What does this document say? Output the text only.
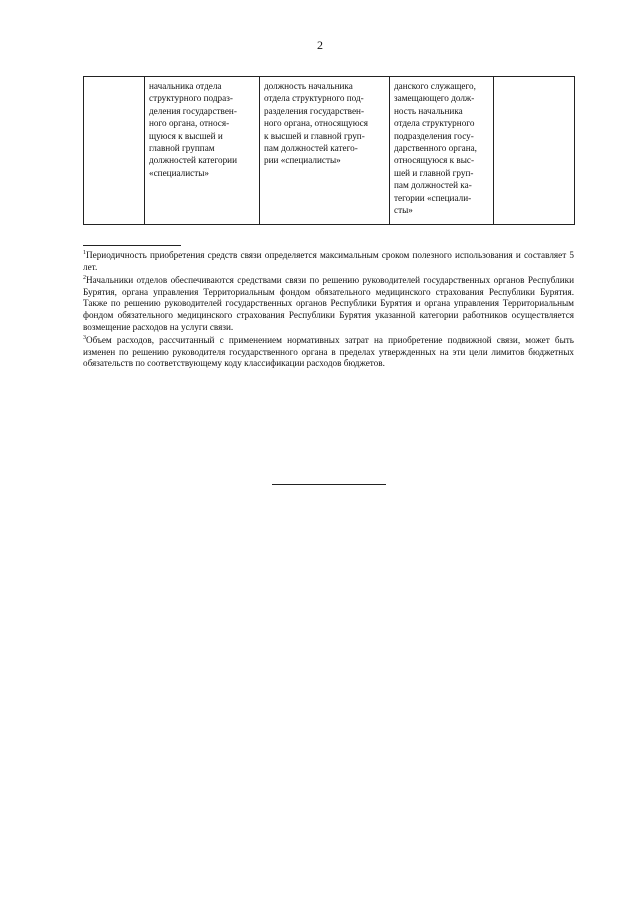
2
	начальника отдела
структурного подраз-
деления государствен-
ного органа, относя-
щуюся к высшей и
главной группам
должностей категории
«специалисты»	должность начальника
отдела структурного под-
разделения государствен-
ного органа, относящуюся
к высшей и главной груп-
пам должностей катего-
рии «специалисты»	данского служащего,
замещающего долж-
ность начальника
отдела структурного
подразделения госу-
дарственного органа,
относящуюся к выс-
шей и главной груп-
пам должностей ка-
тегории «специали-
сты»	

$^1$Периодичность приобретения средств связи определяется максимальным сроком полезного использования и составляет 5 лет.

$^2$Начальники отделов обеспечиваются средствами связи по решению руководителей государственных органов Республики Бурятия, органа управления Территориальным фондом обязательного медицинского страхования Республики Бурятия. Также по решению руководителей государственных органов Республики Бурятия и органа управления Территориальным фондом обязательного медицинского страхования Республики Бурятия указанной категории работников осуществляется возмещение расходов на услуги связи.

$^3$Объем расходов, рассчитанный с применением нормативных затрат на приобретение подвижной связи, может быть изменен по решению руководителя государственного органа в пределах утвержденных на эти цели лимитов бюджетных обязательств по соответствующему коду классификации расходов бюджетов.
